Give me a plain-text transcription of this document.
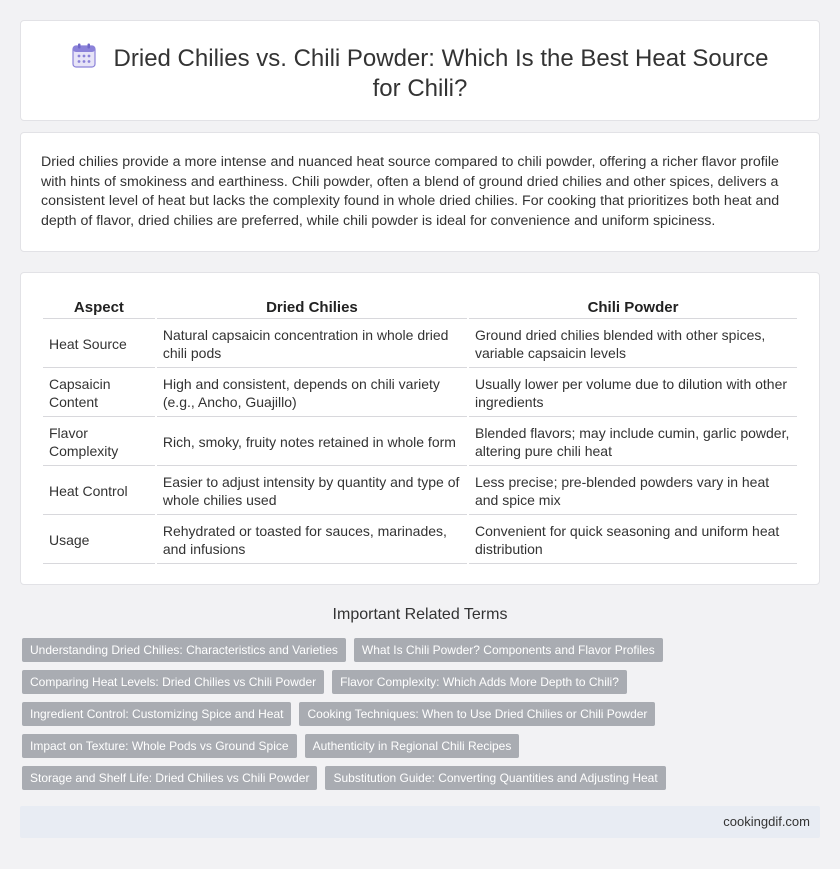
Dried Chilies vs. Chili Powder: Which Is the Best Heat Source for Chili?

Dried chilies provide a more intense and nuanced heat source compared to chili powder, offering a richer flavor profile with hints of smokiness and earthiness. Chili powder, often a blend of ground dried chilies and other spices, delivers a consistent level of heat but lacks the complexity found in whole dried chilies. For cooking that prioritizes both heat and depth of flavor, dried chilies are preferred, while chili powder is ideal for convenience and uniform spiciness.

Aspect	Dried Chilies	Chili Powder
Heat Source	Natural capsaicin concentration in whole dried chili pods	Ground dried chilies blended with other spices, variable capsaicin levels
Capsaicin Content	High and consistent, depends on chili variety (e.g., Ancho, Guajillo)	Usually lower per volume due to dilution with other ingredients
Flavor Complexity	Rich, smoky, fruity notes retained in whole form	Blended flavors; may include cumin, garlic powder, altering pure chili heat
Heat Control	Easier to adjust intensity by quantity and type of whole chilies used	Less precise; pre-blended powders vary in heat and spice mix
Usage	Rehydrated or toasted for sauces, marinades, and infusions	Convenient for quick seasoning and uniform heat distribution
Important Related Terms
Understanding Dried Chilies: Characteristics and Varieties	What Is Chili Powder? Components and Flavor Profiles
Comparing Heat Levels: Dried Chilies vs Chili Powder	Flavor Complexity: Which Adds More Depth to Chili?
Ingredient Control: Customizing Spice and Heat	Cooking Techniques: When to Use Dried Chilies or Chili Powder
Impact on Texture: Whole Pods vs Ground Spice	Authenticity in Regional Chili Recipes
Storage and Shelf Life: Dried Chilies vs Chili Powder	Substitution Guide: Converting Quantities and Adjusting Heat
cookingdif.com
